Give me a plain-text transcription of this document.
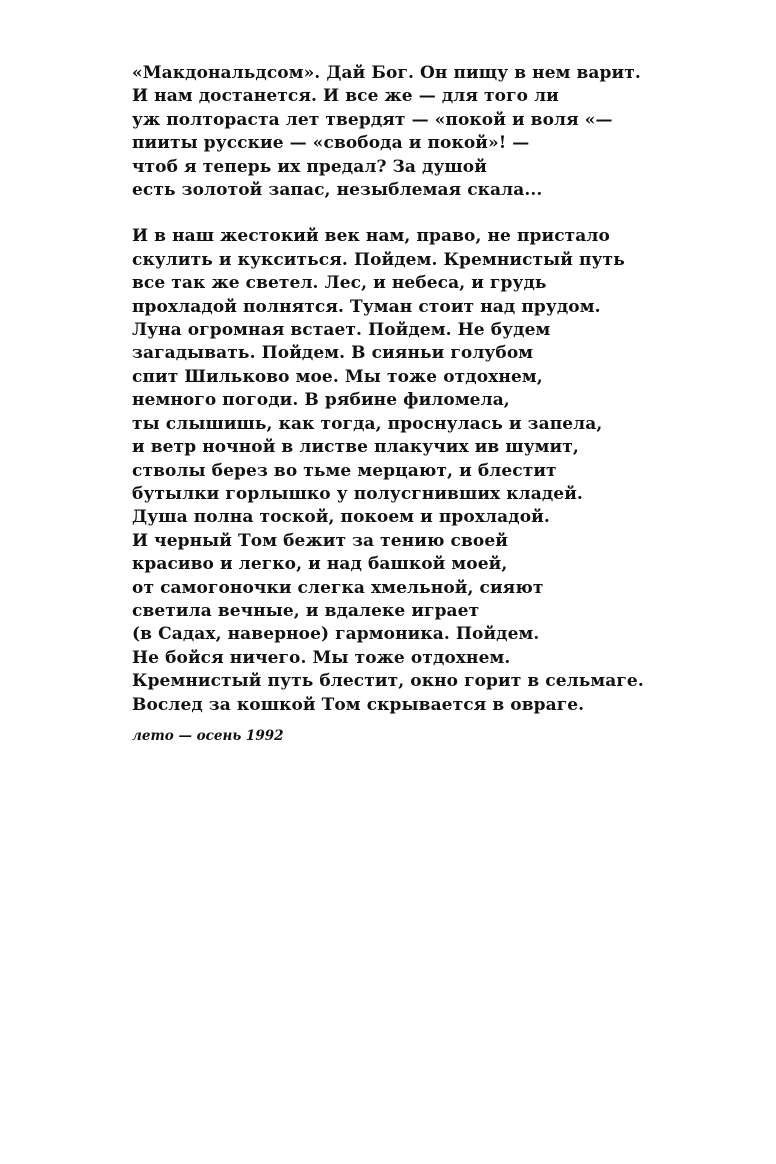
«Макдональдсом». Дай Бог. Он пищу в нем варит.
И нам достанется. И все же — для того ли
уж полтораста лет твердят — «покой и воля «—
пииты русские — «свобода и покой»! —
чтоб я теперь их предал? За душой
есть золотой запас, незыблемая скала...
И в наш жестокий век нам, право, не пристало
скулить и кукситься. Пойдем. Кремнистый путь
все так же светел. Лес, и небеса, и грудь
прохладой полнятся. Туман стоит над прудом.
Луна огромная встает. Пойдем. Не будем
загадывать. Пойдем. В сияньи голубом
спит Шильково мое. Мы тоже отдохнем,
немного погоди. В рябине филомела,
ты слышишь, как тогда, проснулась и запела,
и ветр ночной в листве плакучих ив шумит,
стволы берез во тьме мерцают, и блестит
бутылки горлышко у полусгнивших кладей.
Душа полна тоской, покоем и прохладой.
И черный Том бежит за тению своей
красиво и легко, и над башкой моей,
от самогоночки слегка хмельной, сияют
светила вечные, и вдалеке играет
(в Садах, наверное) гармоника. Пойдем.
Не бойся ничего. Мы тоже отдохнем.
Кремнистый путь блестит, окно горит в сельмаге.
Вослед за кошкой Том скрывается в овраге.
лето — осень 1992
